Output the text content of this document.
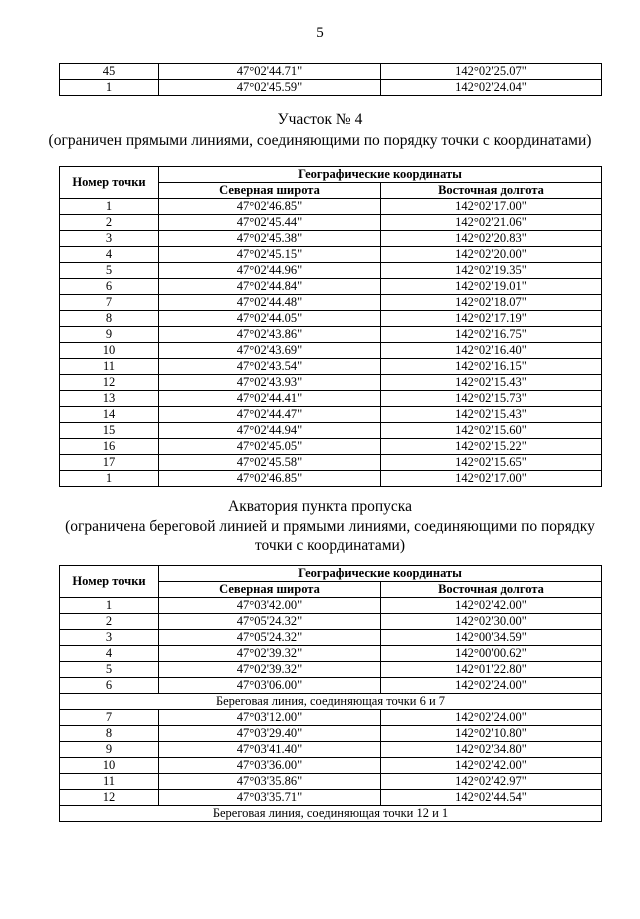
5
45	47°02'44.71"	142°02'25.07"
1	47°02'45.59"	142°02'24.04"
Участок № 4
(ограничен прямыми линиями, соединяющими по порядку точки с координатами)
Номер точки	Географические координаты	
	Северная широта	Восточная долгота
1	47°02'46.85"	142°02'17.00"
2	47°02'45.44"	142°02'21.06"
3	47°02'45.38"	142°02'20.83"
4	47°02'45.15"	142°02'20.00"
5	47°02'44.96"	142°02'19.35"
6	47°02'44.84"	142°02'19.01"
7	47°02'44.48"	142°02'18.07"
8	47°02'44.05"	142°02'17.19"
9	47°02'43.86"	142°02'16.75"
10	47°02'43.69"	142°02'16.40"
11	47°02'43.54"	142°02'16.15"
12	47°02'43.93"	142°02'15.43"
13	47°02'44.41"	142°02'15.73"
14	47°02'44.47"	142°02'15.43"
15	47°02'44.94"	142°02'15.60"
16	47°02'45.05"	142°02'15.22"
17	47°02'45.58"	142°02'15.65"
1	47°02'46.85"	142°02'17.00"
Акватория пункта пропуска
(ограничена береговой линией и прямыми линиями, соединяющими по порядку
точки с координатами)
Номер точки	Географические координаты	
	Северная широта	Восточная долгота
1	47°03'42.00"	142°02'42.00"
2	47°05'24.32"	142°02'30.00"
3	47°05'24.32"	142°00'34.59"
4	47°02'39.32"	142°00'00.62"
5	47°02'39.32"	142°01'22.80"
6	47°03'06.00"	142°02'24.00"
Береговая линия, соединяющая точки 6 и 7		
7	47°03'12.00"	142°02'24.00"
8	47°03'29.40"	142°02'10.80"
9	47°03'41.40"	142°02'34.80"
10	47°03'36.00"	142°02'42.00"
11	47°03'35.86"	142°02'42.97"
12	47°03'35.71"	142°02'44.54"
Береговая линия, соединяющая точки 12 и 1		
